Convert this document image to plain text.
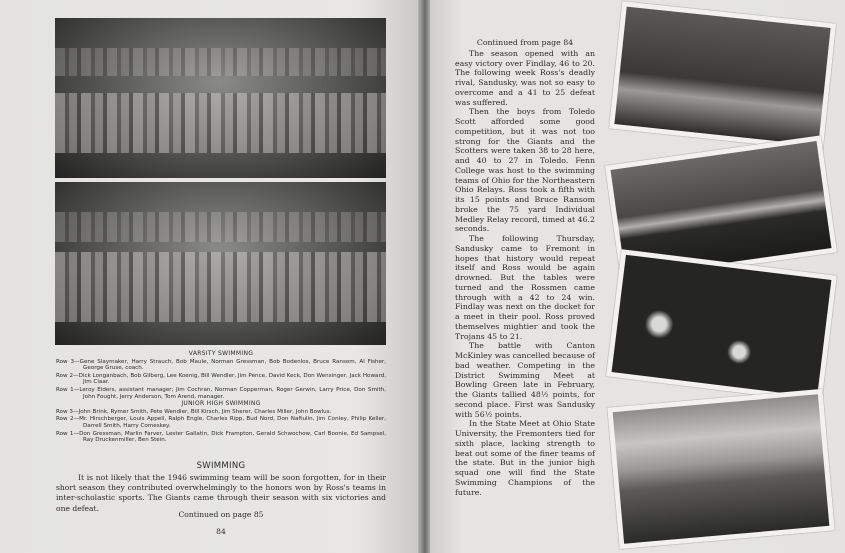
VARSITY SWIMMING
Row 3—Gene Slaymaker, Harry Strauch, Bob Maule, Norman Gressman, Bob Bodenlos, Bruce Ransom, Al Fisher, George Gruse, coach.
Row 2—Dick Longanbach, Bob Gilberg, Lee Koenig, Bill Wendler, Jim Pence, David Keck, Don Wensinger, Jack Howard, Jim Claar.
Row 1—Leroy Elders, assistant manager; Jim Cochran, Norman Copperman, Roger Gerwin, Larry Price, Don Smith, John Fought, Jerry Anderson, Tom Arend, manager.
JUNIOR HIGH SWIMMING
Row 3—John Brink, Rymer Smith, Pete Wendler, Bill Kirsch, Jim Sherer, Charles Miller, John Bowlus.
Row 2—Mr. Hirschberger, Louis Appell, Ralph Engle, Charles Ripp, Bud Nord, Don Naftulin, Jim Conley, Philip Keller, Darrell Smith, Harry Comeskey.
Row 1—Don Gressman, Marlin Farver, Lester Gallatin, Dick Frampton, Gerald Schwochow, Carl Boonie, Ed Sampsel, Ray Druckenmiller, Ben Stein.
SWIMMING

It is not likely that the 1946 swimming team will be soon forgotten, for in their short season they contributed overwhelmingly to the honors won by Ross's teams in inter-scholastic sports. The Giants came through their season with six victories and one defeat.

Continued on page 85
84

Continued from page 84

The season opened with an easy victory over Findlay, 46 to 20. The following week Ross's deadly rival, Sandusky, was not so easy to overcome and a 41 to 25 defeat was suffered.

Then the boys from Toledo Scott afforded some good competition, but it was not too strong for the Giants and the Scotters were taken 38 to 28 here, and 40 to 27 in Toledo. Fenn College was host to the swimming teams of Ohio for the Northeastern Ohio Relays. Ross took a fifth with its 15 points and Bruce Ransom broke the 75 yard Individual Medley Relay record, timed at 46.2 seconds.

The following Thursday, Sandusky came to Fremont in hopes that history would repeat itself and Ross would be again drowned. But the tables were turned and the Rossmen came through with a 42 to 24 win. Findlay was next on the docket for a meet in their pool. Ross proved themselves mightier and took the Trojans 45 to 21.

The battle with Canton McKinley was cancelled because of bad weather. Competing in the District Swimming Meet at Bowling Green late in February, the Giants tallied 48½ points, for second place. First was Sandusky with 56½ points.

In the State Meet at Ohio State University, the Fremonters tied for sixth place, lacking strength to beat out some of the finer teams of the state. But in the junior high squad one will find the State Swimming Champions of the future.
